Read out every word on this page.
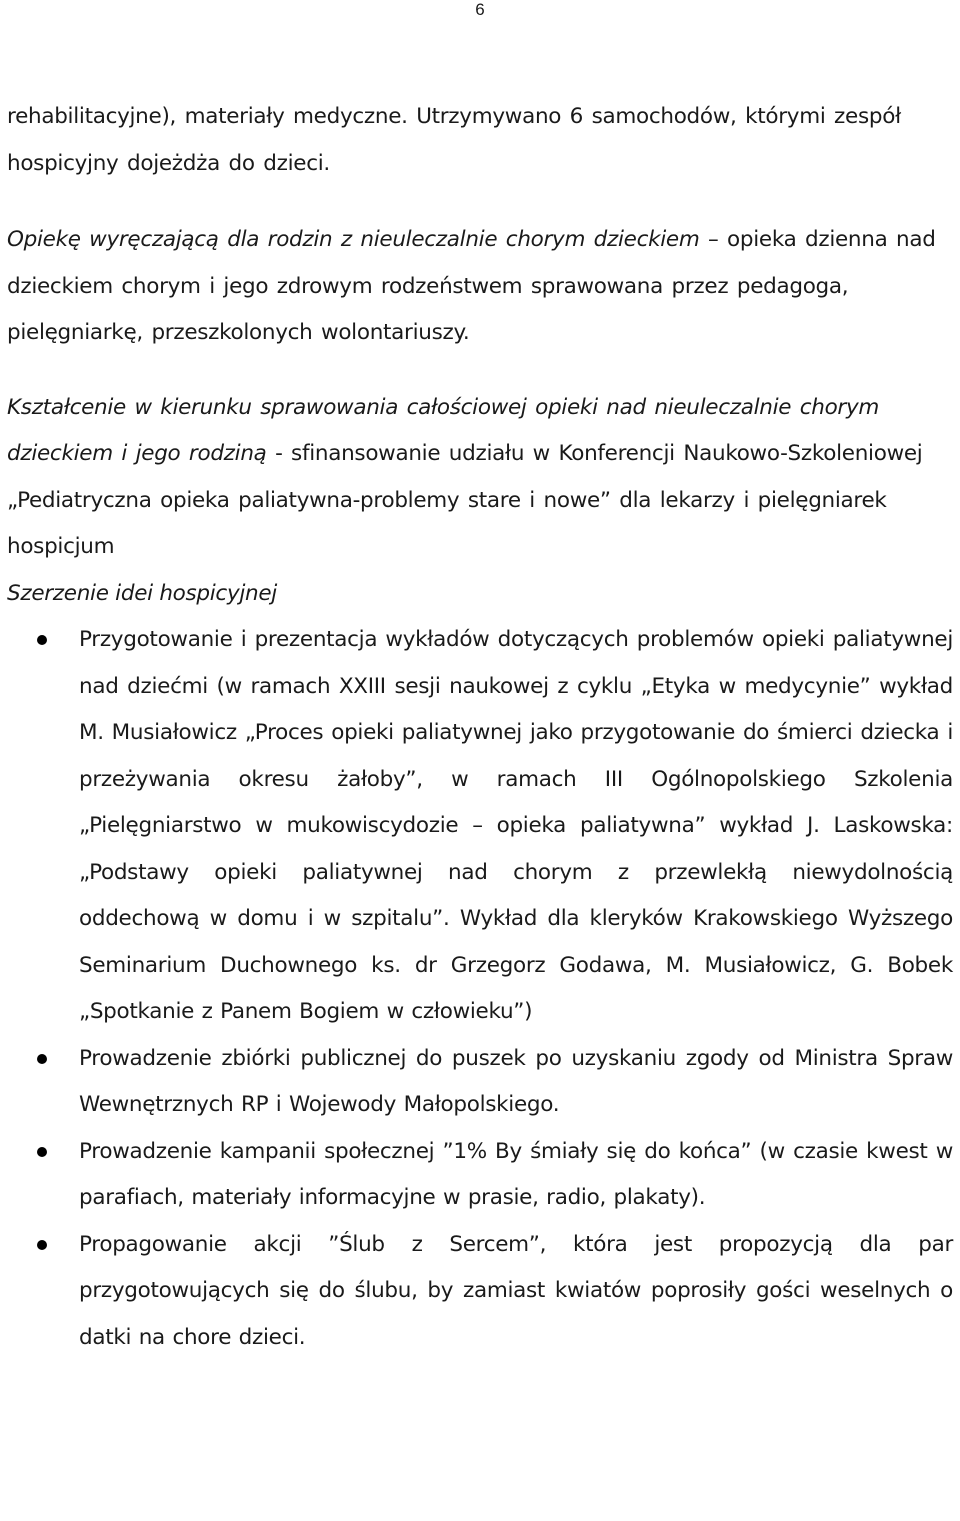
6

rehabilitacyjne), materiały medyczne. Utrzymywano 6 samochodów, którymi zespół hospicyjny dojeżdża do dzieci.

Opiekę wyręczającą dla rodzin z nieuleczalnie chorym dzieckiem – opieka dzienna nad dzieckiem chorym i jego zdrowym rodzeństwem sprawowana przez pedagoga, pielęgniarkę, przeszkolonych wolontariuszy.

Kształcenie w kierunku sprawowania całościowej opieki nad nieuleczalnie chorym dzieckiem i jego rodziną - sfinansowanie udziału w Konferencji Naukowo-Szkoleniowej „Pediatryczna opieka paliatywna-problemy stare i nowe” dla lekarzy i pielęgniarek hospicjum

Szerzenie idei hospicyjnej

Przygotowanie i prezentacja wykładów dotyczących problemów opieki paliatywnej nad dziećmi (w ramach XXIII sesji naukowej z cyklu „Etyka w medycynie” wykład M. Musiałowicz „Proces opieki paliatywnej jako przygotowanie do śmierci dziecka i przeżywania okresu żałoby”, w ramach III Ogólnopolskiego Szkolenia „Pielęgniarstwo w mukowiscydozie – opieka paliatywna” wykład J. Laskowska: „Podstawy opieki paliatywnej nad chorym z przewlekłą niewydolnością oddechową w domu i w szpitalu”. Wykład dla kleryków Krakowskiego Wyższego Seminarium Duchownego ks. dr Grzegorz Godawa, M. Musiałowicz, G. Bobek „Spotkanie z Panem Bogiem w człowieku”)

Prowadzenie zbiórki publicznej do puszek po uzyskaniu zgody od Ministra Spraw Wewnętrznych RP i Wojewody Małopolskiego.

Prowadzenie kampanii społecznej ”1% By śmiały się do końca” (w czasie kwest w parafiach, materiały informacyjne w prasie, radio, plakaty).

Propagowanie akcji ”Ślub z Sercem”, która jest propozycją dla par przygotowujących się do ślubu, by zamiast kwiatów poprosiły gości weselnych o datki na chore dzieci.
